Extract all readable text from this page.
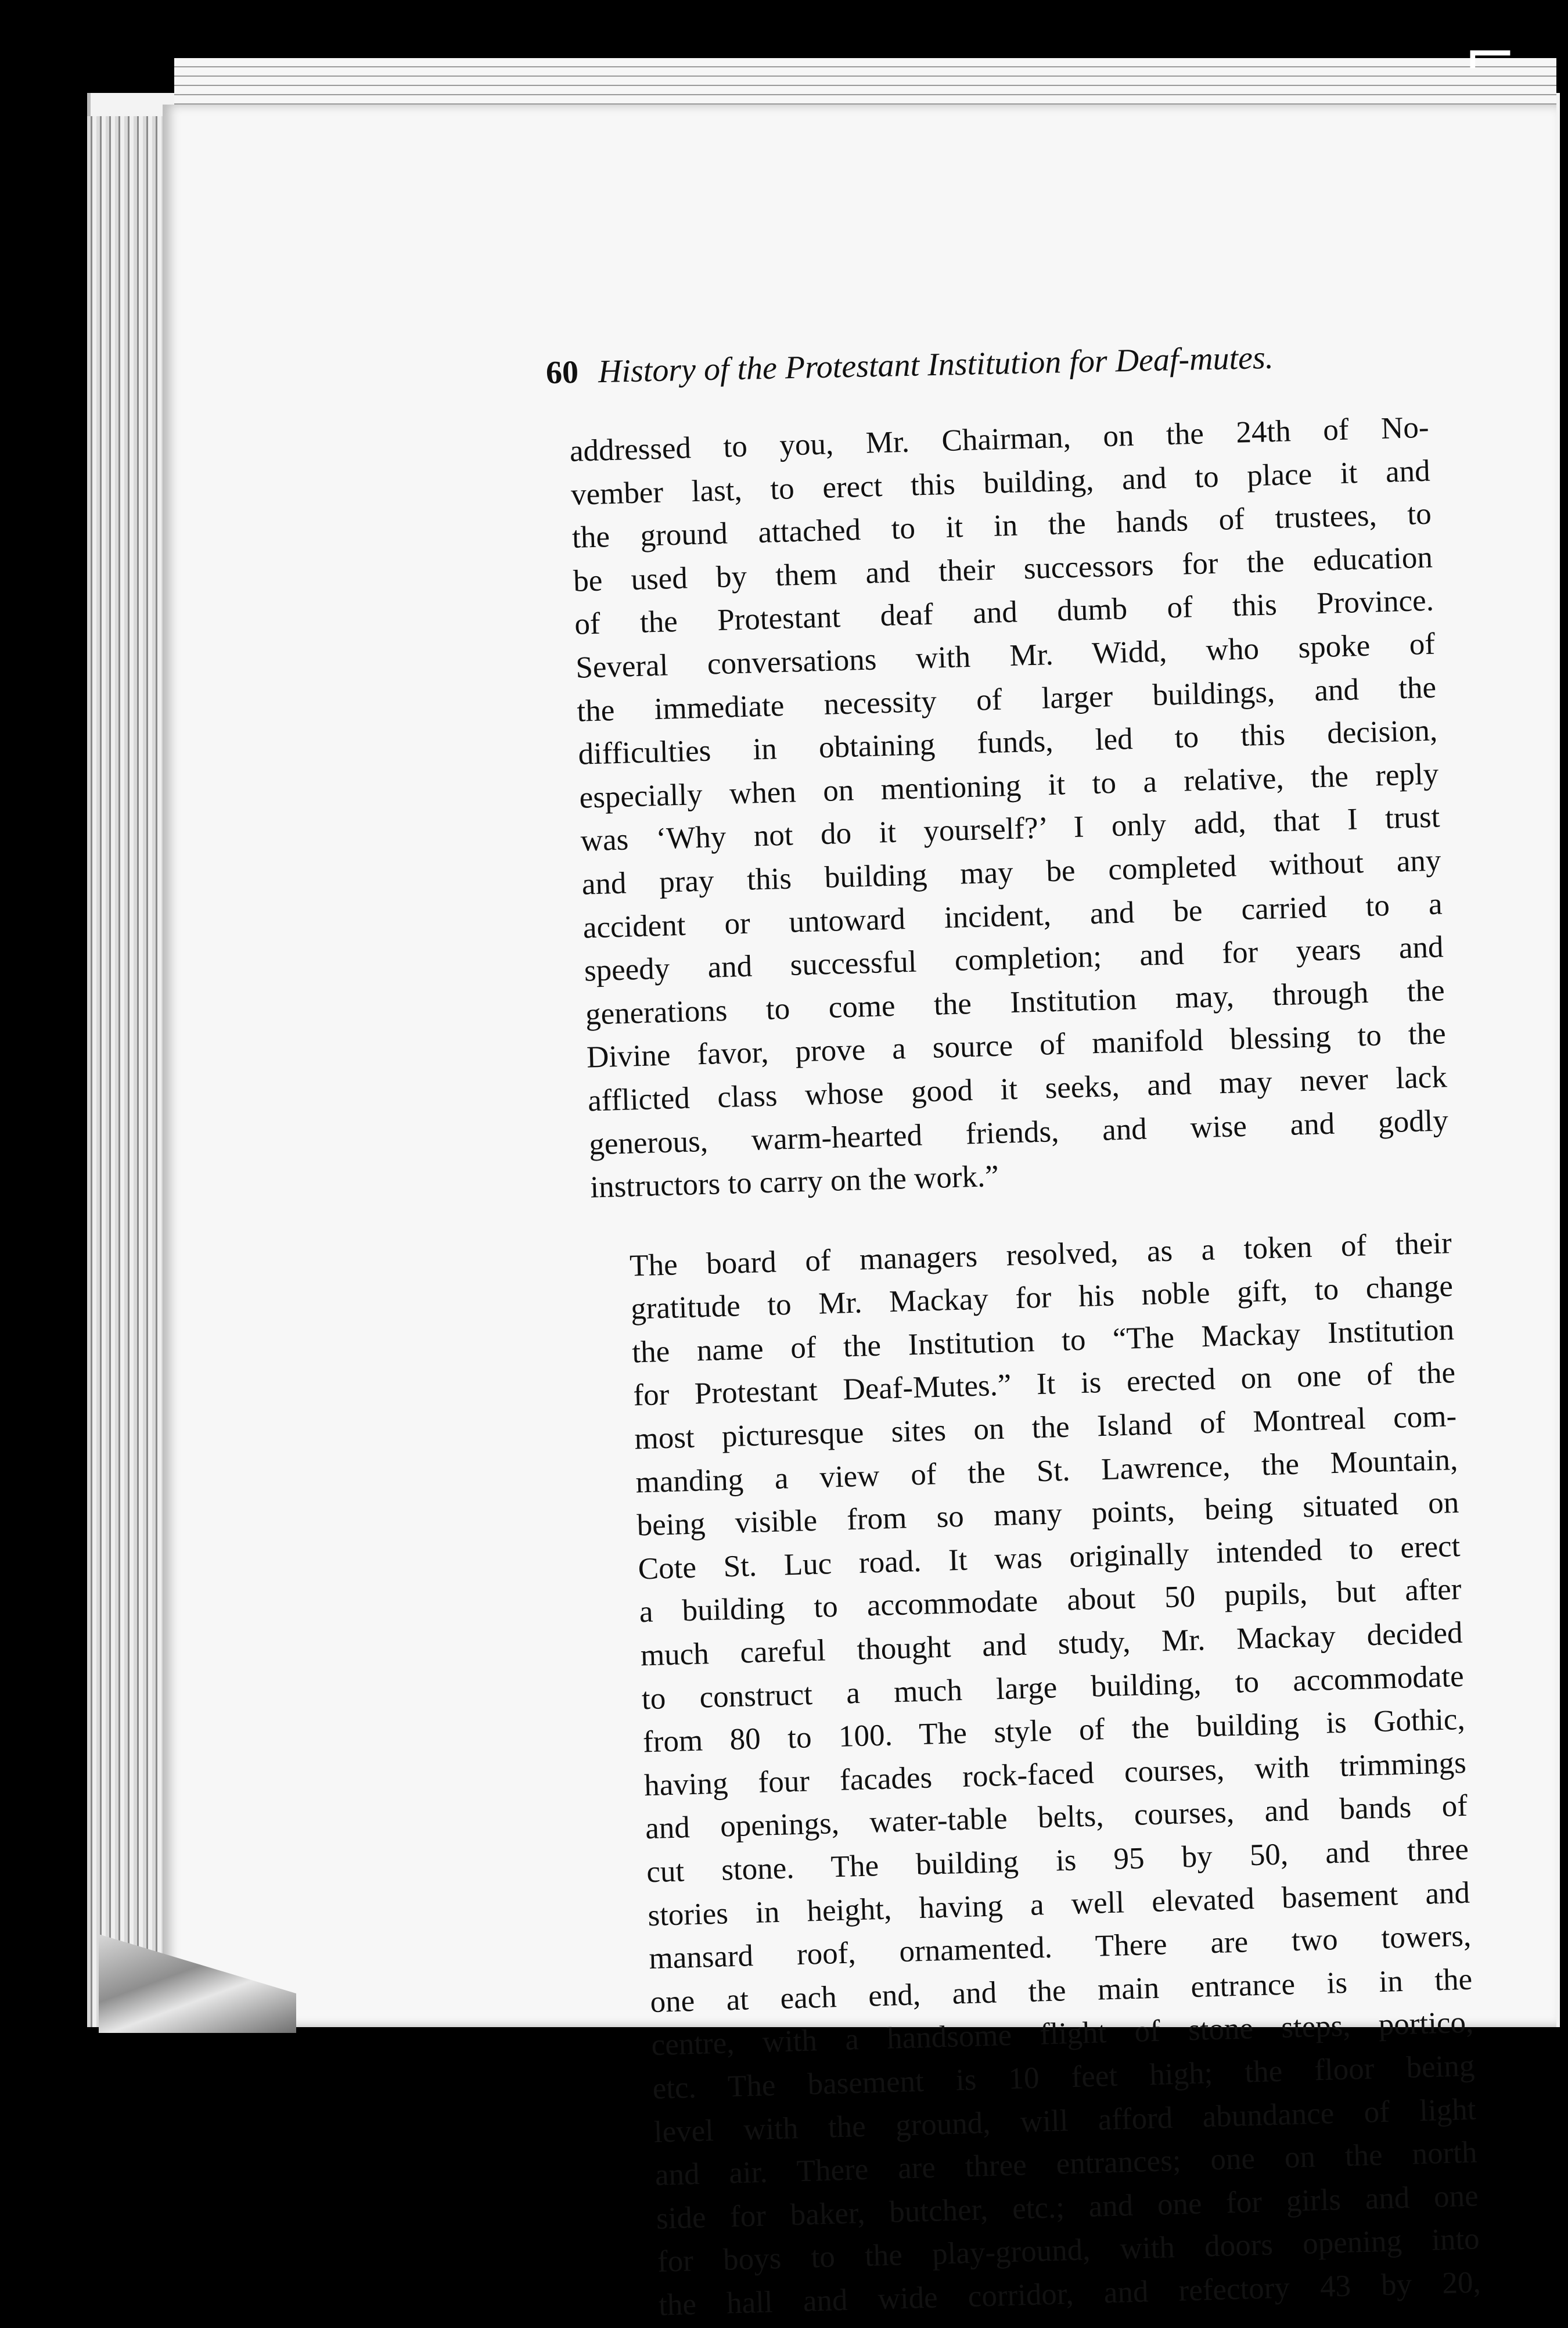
60 History of the Protestant Institution for Deaf-mutes.
addressed to you, Mr. Chairman, on the 24th of No-
vember last, to erect this building, and to place it and
the ground attached to it in the hands of trustees, to
be used by them and their successors for the education
of the Protestant deaf and dumb of this Province.
Several conversations with Mr. Widd, who spoke of
the immediate necessity of larger buildings, and the
difficulties in obtaining funds, led to this decision,
especially when on mentioning it to a relative, the reply
was ‘Why not do it yourself?’ I only add, that I trust
and pray this building may be completed without any
accident or untoward incident, and be carried to a
speedy and successful completion; and for years and
generations to come the Institution may, through the
Divine favor, prove a source of manifold blessing to the
afflicted class whose good it seeks, and may never lack
generous, warm-hearted friends, and wise and godly
instructors to carry on the work.”
The board of managers resolved, as a token of their
gratitude to Mr. Mackay for his noble gift, to change
the name of the Institution to “The Mackay Institution
for Protestant Deaf-Mutes.” It is erected on one of the
most picturesque sites on the Island of Montreal com-
manding a view of the St. Lawrence, the Mountain,
being visible from so many points, being situated on
Cote St. Luc road. It was originally intended to erect
a building to accommodate about 50 pupils, but after
much careful thought and study, Mr. Mackay decided
to construct a much large building, to accommodate
from 80 to 100. The style of the building is Gothic,
having four facades rock-faced courses, with trimmings
and openings, water-table belts, courses, and bands of
cut stone. The building is 95 by 50, and three
stories in height, having a well elevated basement and
mansard roof, ornamented. There are two towers,
one at each end, and the main entrance is in the
centre, with a handsome flight of stone steps, portico,
etc. The basement is 10 feet high; the floor being
level with the ground, will afford abundance of light
and air. There are three entrances; one on the north
side for baker, butcher, etc.; and one for girls and one
for boys to the play-ground, with doors opening into
the hall and wide corridor, and refectory 43 by 20,
⌐
